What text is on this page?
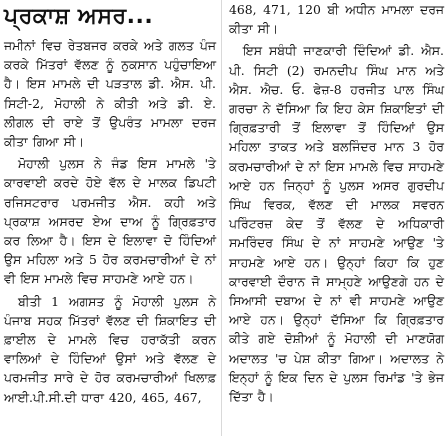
ਪ੍ਰਕਾਸ਼ ਅਸਰ...

ਜਮੀਨਾਂ ਵਿਚ ਰੇਤਬਜਰ ਕਰਕੇ ਅਤੇ ਗਲਤ ਪੰਜ ਕਰਕੇ ਮਿੱਤਰਾਂ ਵੱਲਣ ਨੂੰ ਨੁਕਸਾਨ ਪਹੁੰਚਾਇਆ ਹੈ। ਇਸ ਮਾਮਲੇ ਦੀ ਪੜਤਾਲ ਡੀ. ਐਸ. ਪੀ. ਸਿਟੀ-2, ਮੋਹਾਲੀ ਨੇ ਕੀਤੀ ਅਤੇ ਡੀ. ਏ. ਲੀਗਲ ਦੀ ਰਾਏ ਤੋਂ ਉਪਰੰਤ ਮਾਮਲਾ ਦਰਜ ਕੀਤਾ ਗਿਆ ਸੀ।

ਮੋਹਾਲੀ ਪੁਲਸ ਨੇ ਜੰਡ ਇਸ ਮਾਮਲੇ 'ਤੇ ਕਾਰਵਾਈ ਕਰਦੇ ਹੋਏ ਵੱਲ ਦੇ ਮਾਲਕ ਡਿਪਟੀ ਰਜਿਸਟਰਾਰ ਪਰਮਜੀਤ ਐਸ. ਕਹੀ ਅਤੇ ਪ੍ਰਕਾਸ਼ ਅਸਰਦ ਏਅ ਦਾਅ ਨੂੰ ਗ੍ਰਿਫ਼ਤਾਰ ਕਰ ਲਿਆ ਹੈ। ਇਸ ਦੇ ਇਲਾਵਾ ਦੋ ਹਿੰਦਿਆਂ ਉਸ ਮਹਿਲਾ ਅਤੇ 5 ਹੋਰ ਕਰਮਚਾਰੀਆਂ ਦੇ ਨਾਂ ਵੀ ਇਸ ਮਾਮਲੇ ਵਿਚ ਸਾਹਮਣੇ ਆਏ ਹਨ।

ਬੀਤੀ 1 ਅਗਸਤ ਨੂੰ ਮੋਹਾਲੀ ਪੁਲਸ ਨੇ ਪੰਜਾਬ ਸਹਕ ਮਿੱਤਰਾਂ ਵੱਲਣ ਦੀ ਸ਼ਿਕਾਇਤ ਦੀ ਫ਼ਾਈਲ ਦੇ ਮਾਮਲੇ ਵਿਚ ਹਰਾਕੱਤੀ ਕਰਨ ਵਾਲਿਆਂ ਦੇ ਹਿੰਦਿਆਂ ਉਸਾਂ ਅਤੇ ਵੱਲਣ ਦੇ ਪਰਮਜੀਤ ਸਾਰੇ ਦੇ ਹੋਰ ਕਰਮਚਾਰੀਆਂ ਖਿਲਾਫ਼ ਆਈ.ਪੀ.ਸੀ.ਦੀ ਧਾਰਾ 420, 465, 467,

468, 471, 120 ਬੀ ਅਧੀਨ ਮਾਮਲਾ ਦਰਜ ਕੀਤਾ ਸੀ।

ਇਸ ਸਬੰਧੀ ਜਾਣਕਾਰੀ ਦਿੰਦਿਆਂ ਡੀ. ਐਸ. ਪੀ. ਸਿਟੀ (2) ਰਮਨਦੀਪ ਸਿੰਘ ਮਾਨ ਅਤੇ ਐਸ. ਐਚ. ਓ. ਫੇਜ਼-8 ਹਰਜੀਤ ਪਾਲ ਸਿੰਘ ਗਰਚਾ ਨੇ ਦੱਸਿਆ ਕਿ ਇਹ ਕੇਸ ਸ਼ਿਕਾਇਤਾਂ ਦੀ ਗ੍ਰਿਫ਼ਤਾਰੀ ਤੋਂ ਇਲਾਵਾ ਤੋਂ ਹਿੰਦਿਆਂ ਉਸ ਮਹਿਲਾ ਤਾਕਤ ਅਤੇ ਬਲਜਿੰਦਰ ਮਾਨ 3 ਹੋਰ ਕਰਮਚਾਰੀਆਂ ਦੇ ਨਾਂ ਇਸ ਮਾਮਲੇ ਵਿਚ ਸਾਹਮਣੇ ਆਏ ਹਨ ਜਿਨ੍ਹਾਂ ਨੂੰ ਪੁਲਸ ਅਸਰ ਗੁਰਦੀਪ ਸਿੰਘ ਵਿਰਕ, ਵੱਲਣ ਦੀ ਮਾਲਕ ਸਵਰਨ ਪਰਿੰਟਰਜ਼ ਕੇਦ ਤੋਂ ਵੱਲਣ ਦੇ ਅਧਿਕਾਰੀ ਸਮਰਿੰਦਰ ਸਿੰਘ ਦੇ ਨਾਂ ਸਾਹਮਣੇ ਆਉਣ 'ਤੇ ਸਾਹਮਣੇ ਆਏ ਹਨ। ਉਨ੍ਹਾਂ ਕਿਹਾ ਕਿ ਹੁਣ ਕਾਰਵਾਈ ਦੌਰਾਨ ਜੋ ਸਾਮ੍ਹਣੇ ਆਉਣਗੇ ਹਨ ਦੇ ਸਿਆਸੀ ਦਬਾਅ ਦੇ ਨਾਂ ਵੀ ਸਾਹਮਣੇ ਆਉਣ ਆਏ ਹਨ। ਉਨ੍ਹਾਂ ਦੱਸਿਆ ਕਿ ਗ੍ਰਿਫ਼ਤਾਰ ਕੀਤੇ ਗਏ ਦੋਸ਼ੀਆਂ ਨੂੰ ਮੋਹਾਲੀ ਦੀ ਮਾਣਯੋਗ ਅਦਾਲਤ 'ਚ ਪੇਸ਼ ਕੀਤਾ ਗਿਆ। ਅਦਾਲਤ ਨੇ ਇਨ੍ਹਾਂ ਨੂੰ ਇਕ ਦਿਨ ਦੇ ਪੁਲਸ ਰਿਮਾਂਡ 'ਤੇ ਭੇਜ ਦਿੱਤਾ ਹੈ।
